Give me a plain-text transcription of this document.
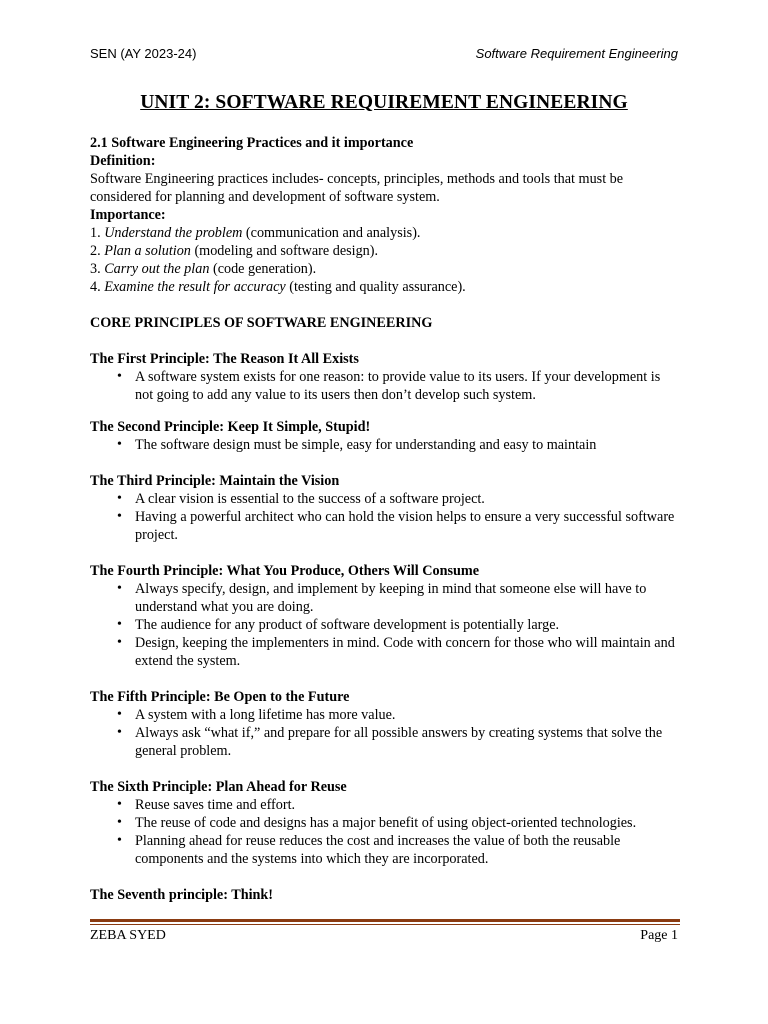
SEN (AY 2023-24)	Software Requirement Engineering
UNIT 2: SOFTWARE REQUIREMENT ENGINEERING

2.1 Software Engineering Practices and it importance

Definition:

Software Engineering practices includes- concepts, principles, methods and tools that must be considered for planning and development of software system.

Importance:

1. Understand the problem (communication and analysis).

2. Plan a solution (modeling and software design).

3. Carry out the plan (code generation).

4. Examine the result for accuracy (testing and quality assurance).

CORE PRINCIPLES OF SOFTWARE ENGINEERING

The First Principle: The Reason It All Exists

• A software system exists for one reason: to provide value to its users. If your development is not going to add any value to its users then don’t develop such system.

The Second Principle: Keep It Simple, Stupid!

• The software design must be simple, easy for understanding and easy to maintain

The Third Principle: Maintain the Vision

• A clear vision is essential to the success of a software project.
• Having a powerful architect who can hold the vision helps to ensure a very successful software project.

The Fourth Principle: What You Produce, Others Will Consume

• Always specify, design, and implement by keeping in mind that someone else will have to understand what you are doing.
• The audience for any product of software development is potentially large.
• Design, keeping the implementers in mind. Code with concern for those who will maintain and extend the system.

The Fifth Principle: Be Open to the Future

• A system with a long lifetime has more value.
• Always ask “what if,” and prepare for all possible answers by creating systems that solve the general problem.

The Sixth Principle: Plan Ahead for Reuse

• Reuse saves time and effort.
• The reuse of code and designs has a major benefit of using object-oriented technologies.
• Planning ahead for reuse reduces the cost and increases the value of both the reusable components and the systems into which they are incorporated.

The Seventh principle: Think!

ZEBA SYED	Page 1
